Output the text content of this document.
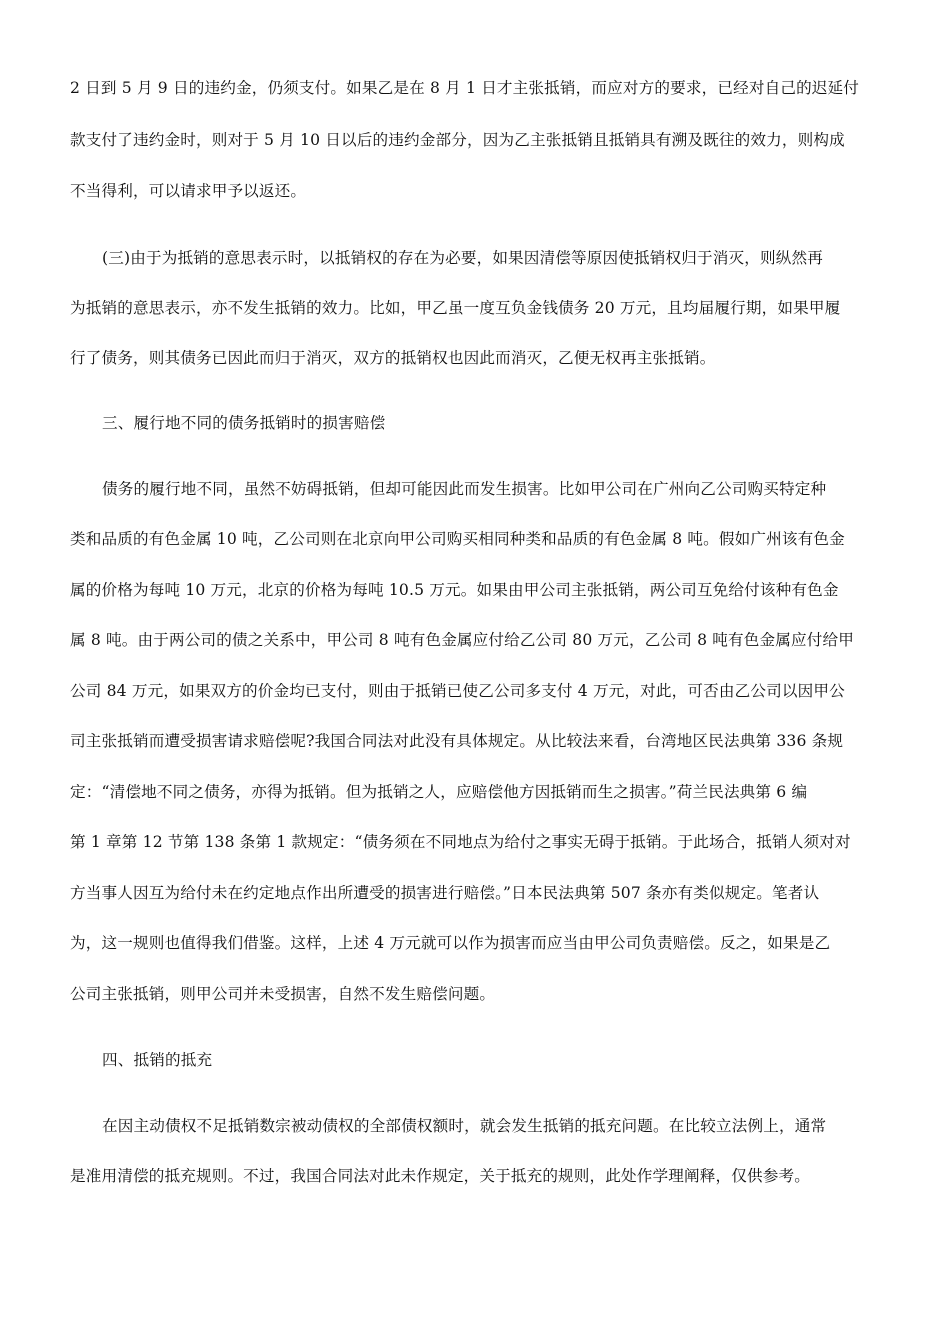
2 日到 5 月 9 日的违约金，仍须支付。如果乙是在 8 月 1 日才主张抵销，而应对方的要求，已经对自己的迟延付
款支付了违约金时，则对于 5 月 10 日以后的违约金部分，因为乙主张抵销且抵销具有溯及既往的效力，则构成
不当得利，可以请求甲予以返还。
(三)由于为抵销的意思表示时，以抵销权的存在为必要，如果因清偿等原因使抵销权归于消灭，则纵然再
为抵销的意思表示，亦不发生抵销的效力。比如，甲乙虽一度互负金钱债务 20 万元，且均届履行期，如果甲履
行了债务，则其债务已因此而归于消灭，双方的抵销权也因此而消灭，乙便无权再主张抵销。
三、履行地不同的债务抵销时的损害赔偿
债务的履行地不同，虽然不妨碍抵销，但却可能因此而发生损害。比如甲公司在广州向乙公司购买特定种
类和品质的有色金属 10 吨，乙公司则在北京向甲公司购买相同种类和品质的有色金属 8 吨。假如广州该有色金
属的价格为每吨 10 万元，北京的价格为每吨 10.5 万元。如果由甲公司主张抵销，两公司互免给付该种有色金
属 8 吨。由于两公司的债之关系中，甲公司 8 吨有色金属应付给乙公司 80 万元，乙公司 8 吨有色金属应付给甲
公司 84 万元，如果双方的价金均已支付，则由于抵销已使乙公司多支付 4 万元，对此，可否由乙公司以因甲公
司主张抵销而遭受损害请求赔偿呢?我国合同法对此没有具体规定。从比较法来看，台湾地区民法典第 336 条规
定：“清偿地不同之债务，亦得为抵销。但为抵销之人，应赔偿他方因抵销而生之损害。”荷兰民法典第 6 编
第 1 章第 12 节第 138 条第 1 款规定：“债务须在不同地点为给付之事实无碍于抵销。于此场合，抵销人须对对
方当事人因互为给付未在约定地点作出所遭受的损害进行赔偿。”日本民法典第 507 条亦有类似规定。笔者认
为，这一规则也值得我们借鉴。这样，上述 4 万元就可以作为损害而应当由甲公司负责赔偿。反之，如果是乙
公司主张抵销，则甲公司并未受损害，自然不发生赔偿问题。
四、抵销的抵充
在因主动债权不足抵销数宗被动债权的全部债权额时，就会发生抵销的抵充问题。在比较立法例上，通常
是准用清偿的抵充规则。不过，我国合同法对此未作规定，关于抵充的规则，此处作学理阐释，仅供参考。
